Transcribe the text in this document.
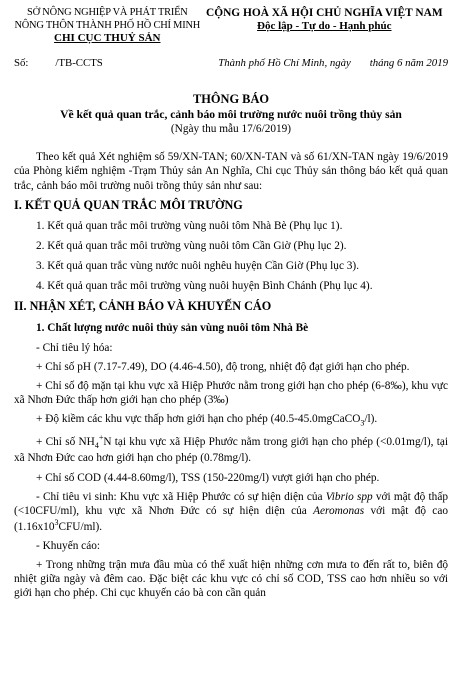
SỞ NÔNG NGHIỆP VÀ PHÁT TRIỂN
NÔNG THÔN THÀNH PHỐ HỒ CHÍ MINH
CHI CỤC THUỶ SẢN
CỘNG HOÀ XÃ HỘI CHỦ NGHĨA VIỆT NAM
Độc lập - Tự do - Hạnh phúc
Số:          /TB-CCTS	Thành phố Hồ Chí Minh, ngày       tháng 6 năm 2019
THÔNG BÁO
Về kết quả quan trắc, cảnh báo môi trường nước nuôi trồng thủy sản
(Ngày thu mẫu 17/6/2019)

Theo kết quả Xét nghiệm số 59/XN-TAN; 60/XN-TAN và số 61/XN-TAN ngày 19/6/2019 của Phòng kiểm nghiệm -Trạm Thủy sản An Nghĩa, Chi cục Thủy sản thông báo kết quả quan trắc, cảnh báo môi trường nuôi trồng thủy sản như sau:

I. KẾT QUẢ QUAN TRẮC MÔI TRƯỜNG

1. Kết quả quan trắc môi trường vùng nuôi tôm Nhà Bè (Phụ lục 1).

2. Kết quả quan trắc môi trường vùng nuôi tôm Cần Giờ (Phụ lục 2).

3. Kết quả quan trắc vùng nước nuôi nghêu huyện Cần Giờ (Phụ lục 3).

4. Kết quả quan trắc môi trường vùng nuôi huyện Bình Chánh (Phụ lục 4).

II. NHẬN XÉT, CẢNH BÁO VÀ KHUYẾN CÁO

1. Chất lượng nước nuôi thủy sản vùng nuôi tôm Nhà Bè

- Chỉ tiêu lý hóa:

+ Chỉ số pH (7.17-7.49), DO (4.46-4.50), độ trong, nhiệt độ đạt giới hạn cho phép.

+ Chỉ số độ mặn tại khu vực xã Hiệp Phước nằm trong giới hạn cho phép (6-8‰), khu vực xã Nhơn Đức thấp hơn giới hạn cho phép (3‰)

+ Độ kiềm các khu vực thấp hơn giới hạn cho phép (40.5-45.0mgCaCO$_3$/l).

+ Chỉ số $NH_4^+N$ tại khu vực xã Hiệp Phước nằm trong giới hạn cho phép (<0.01mg/l), tại xã Nhơn Đức cao hơn giới hạn cho phép (0.78mg/l).

+ Chỉ số COD (4.44-8.60mg/l), TSS (150-220mg/l) vượt giới hạn cho phép.

- Chỉ tiêu vi sinh: Khu vực xã Hiệp Phước có sự hiện diện của Vibrio spp với mật độ thấp (<10CFU/ml), khu vực xã Nhơn Đức có sự hiện diện của Aeromonas với mật độ cao $(1.16x10^3CFU/ml)$.

- Khuyến cáo:

+ Trong những trận mưa đầu mùa có thể xuất hiện những cơn mưa to đến rất to, biên độ nhiệt giữa ngày và đêm cao. Đặc biệt các khu vực có chỉ số COD, TSS cao hơn nhiều so với giới hạn cho phép. Chi cục khuyến cáo bà con cần quản
